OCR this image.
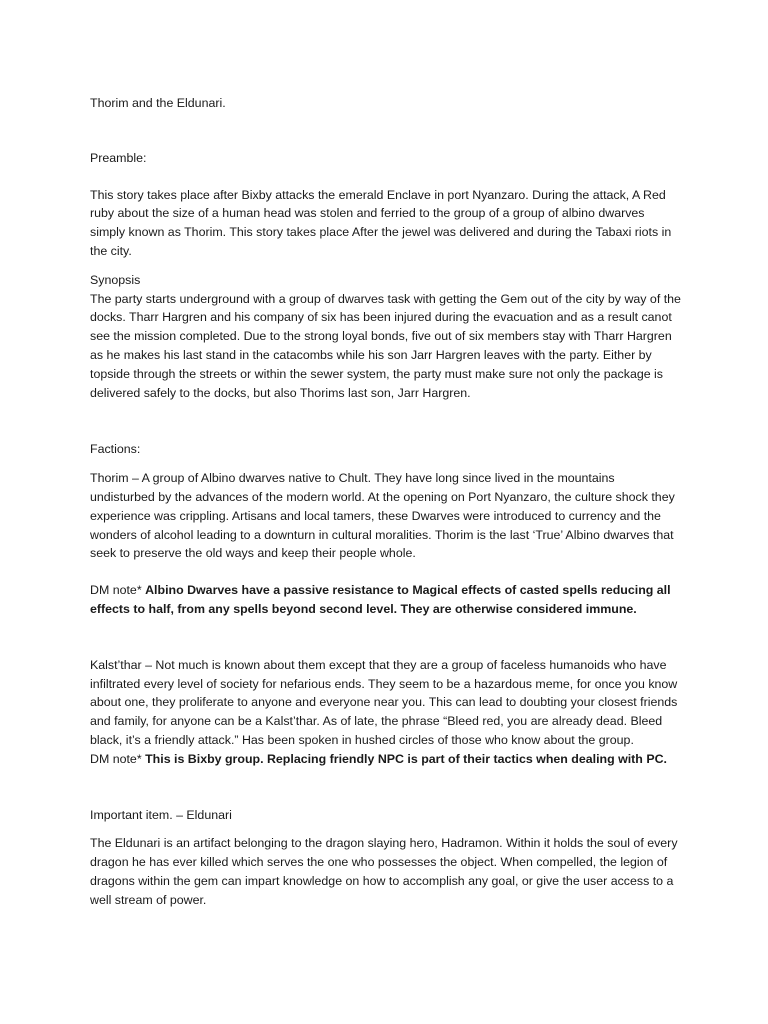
Thorim and the Eldunari.

Preamble:

This story takes place after Bixby attacks the emerald Enclave in port Nyanzaro. During the attack, A Red ruby about the size of a human head was stolen and ferried to the group of a group of albino dwarves simply known as Thorim. This story takes place After the jewel was delivered and during the Tabaxi riots in the city.

Synopsis

The party starts underground with a group of dwarves task with getting the Gem out of the city by way of the docks. Tharr Hargren and his company of six has been injured during the evacuation and as a result canot see the mission completed. Due to the strong loyal bonds, five out of six members stay with Tharr Hargren as he makes his last stand in the catacombs while his son Jarr Hargren leaves with the party. Either by topside through the streets or within the sewer system, the party must make sure not only the package is delivered safely to the docks, but also Thorims last son, Jarr Hargren.

Factions:

Thorim – A group of Albino dwarves native to Chult. They have long since lived in the mountains undisturbed by the advances of the modern world. At the opening on Port Nyanzaro, the culture shock they experience was crippling. Artisans and local tamers, these Dwarves were introduced to currency and the wonders of alcohol leading to a downturn in cultural moralities. Thorim is the last ‘True’ Albino dwarves that seek to preserve the old ways and keep their people whole.

DM note* Albino Dwarves have a passive resistance to Magical effects of casted spells reducing all effects to half, from any spells beyond second level. They are otherwise considered immune.

Kalst’thar – Not much is known about them except that they are a group of faceless humanoids who have infiltrated every level of society for nefarious ends. They seem to be a hazardous meme, for once you know about one, they proliferate to anyone and everyone near you. This can lead to doubting your closest friends and family, for anyone can be a Kalst’thar. As of late, the phrase “Bleed red, you are already dead. Bleed black, it’s a friendly attack.” Has been spoken in hushed circles of those who know about the group.

DM note* This is Bixby group. Replacing friendly NPC is part of their tactics when dealing with PC.

Important item. – Eldunari

The Eldunari is an artifact belonging to the dragon slaying hero, Hadramon. Within it holds the soul of every dragon he has ever killed which serves the one who possesses the object. When compelled, the legion of dragons within the gem can impart knowledge on how to accomplish any goal, or give the user access to a well stream of power.
